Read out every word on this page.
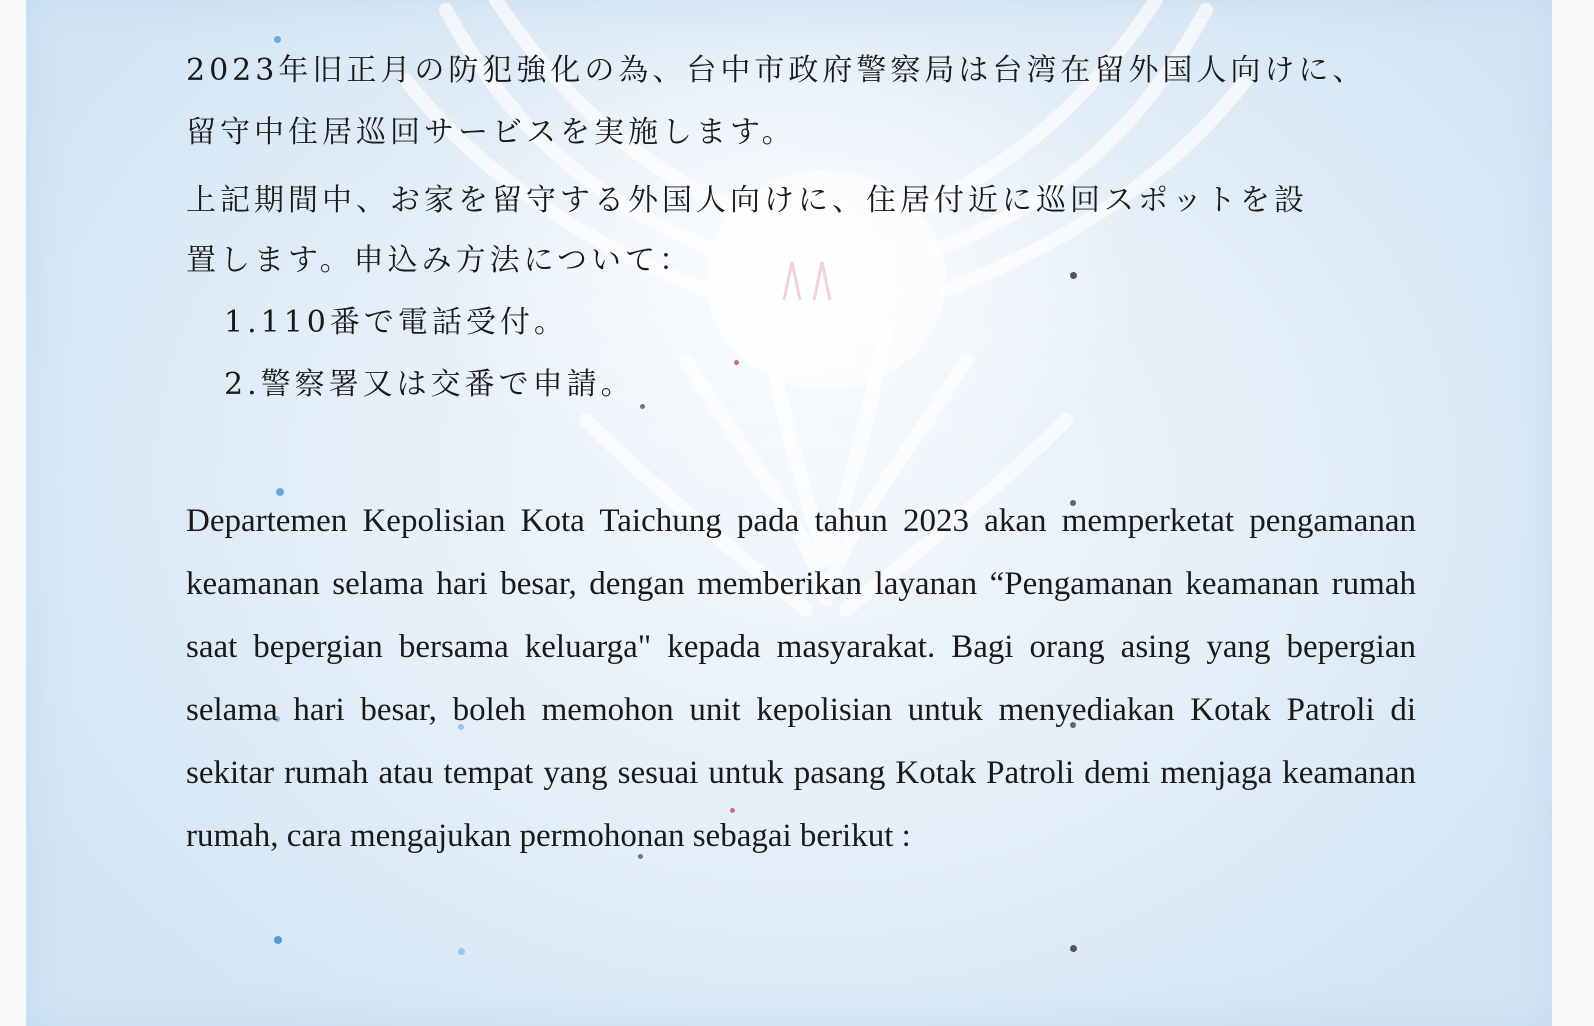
2023年旧正月の防犯強化の為、台中市政府警察局は台湾在留外国人向けに、
留守中住居巡回サービスを実施します。
上記期間中、お家を留守する外国人向けに、住居付近に巡回スポットを設
置します。申込み方法について：
1.110番で電話受付。
2.警察署又は交番で申請。

Departemen Kepolisian Kota Taichung pada tahun 2023 akan memperketat pengamanan keamanan selama hari besar, dengan memberikan layanan “Pengamanan keamanan rumah saat bepergian bersama keluarga" kepada masyarakat. Bagi orang asing yang bepergian selama hari besar, boleh memohon unit kepolisian untuk menyediakan Kotak Patroli di sekitar rumah atau tempat yang sesuai untuk pasang Kotak Patroli demi menjaga keamanan rumah, cara mengajukan permohonan sebagai berikut :
